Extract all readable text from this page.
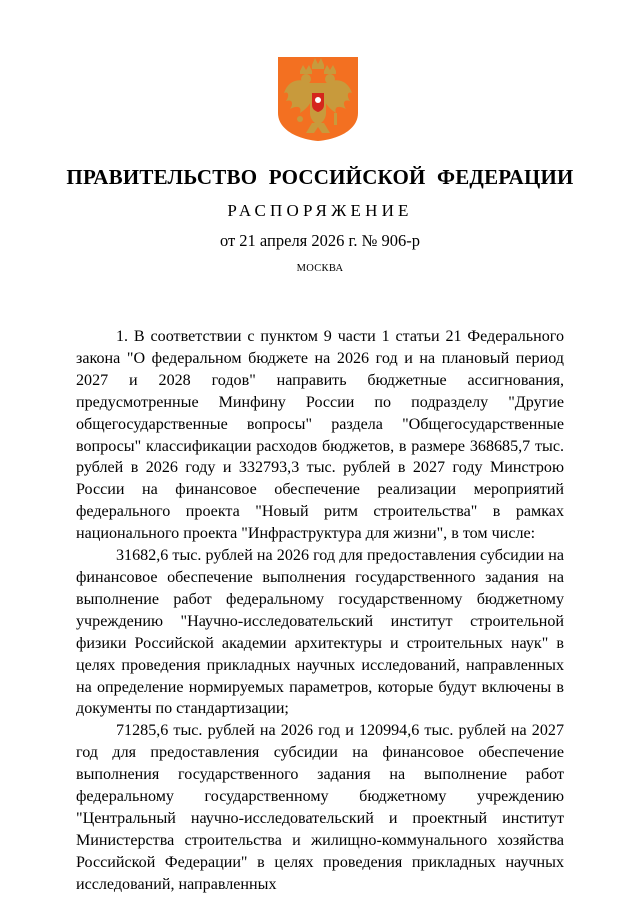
ПРАВИТЕЛЬСТВО РОССИЙСКОЙ ФЕДЕРАЦИИ
РАСПОРЯЖЕНИЕ
от 21 апреля 2026 г. № 906-р
МОСКВА

1. В соответствии с пунктом 9 части 1 статьи 21 Федерального закона "О федеральном бюджете на 2026 год и на плановый период 2027 и 2028 годов" направить бюджетные ассигнования, предусмотренные Минфину России по подразделу "Другие общегосударственные вопросы" раздела "Общегосударственные вопросы" классификации расходов бюджетов, в размере 368685,7 тыс. рублей в 2026 году и 332793,3 тыс. рублей в 2027 году Минстрою России на финансовое обеспечение реализации мероприятий федерального проекта "Новый ритм строительства" в рамках национального проекта "Инфраструктура для жизни", в том числе:

31682,6 тыс. рублей на 2026 год для предоставления субсидии на финансовое обеспечение выполнения государственного задания на выполнение работ федеральному государственному бюджетному учреждению "Научно-исследовательский институт строительной физики Российской академии архитектуры и строительных наук" в целях проведения прикладных научных исследований, направленных на определение нормируемых параметров, которые будут включены в документы по стандартизации;

71285,6 тыс. рублей на 2026 год и 120994,6 тыс. рублей на 2027 год для предоставления субсидии на финансовое обеспечение выполнения государственного задания на выполнение работ федеральному государственному бюджетному учреждению "Центральный научно-исследовательский и проектный институт Министерства строительства и жилищно-коммунального хозяйства Российской Федерации" в целях проведения прикладных научных исследований, направленных
